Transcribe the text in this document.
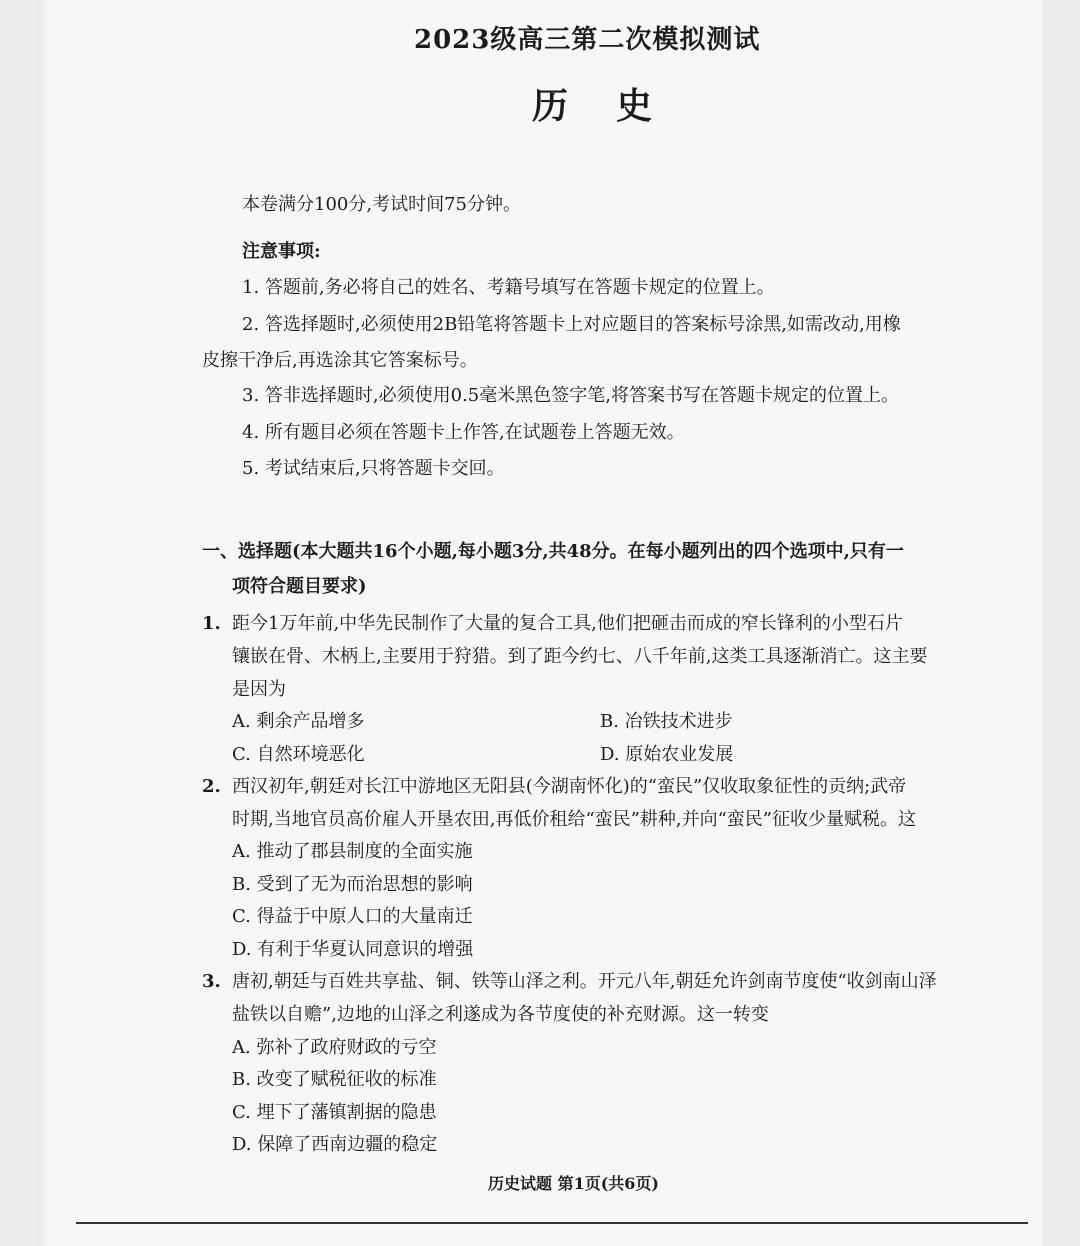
2023级高三第二次模拟测试
历史
本卷满分100分,考试时间75分钟。
注意事项:
1. 答题前,务必将自己的姓名、考籍号填写在答题卡规定的位置上。
2. 答选择题时,必须使用2B铅笔将答题卡上对应题目的答案标号涂黑,如需改动,用橡
皮擦干净后,再选涂其它答案标号。
3. 答非选择题时,必须使用0.5毫米黑色签字笔,将答案书写在答题卡规定的位置上。
4. 所有题目必须在答题卡上作答,在试题卷上答题无效。
5. 考试结束后,只将答题卡交回。
一、选择题(本大题共16个小题,每小题3分,共48分。在每小题列出的四个选项中,只有一
项符合题目要求)
1. 距今1万年前,中华先民制作了大量的复合工具,他们把砸击而成的窄长锋利的小型石片
镶嵌在骨、木柄上,主要用于狩猎。到了距今约七、八千年前,这类工具逐渐消亡。这主要
是因为
A. 剩余产品增多	B. 冶铁技术进步
C. 自然环境恶化	D. 原始农业发展
2. 西汉初年,朝廷对长江中游地区无阳县(今湖南怀化)的“蛮民”仅收取象征性的贡纳;武帝
时期,当地官员高价雇人开垦农田,再低价租给“蛮民”耕种,并向“蛮民”征收少量赋税。这
A. 推动了郡县制度的全面实施
B. 受到了无为而治思想的影响
C. 得益于中原人口的大量南迁
D. 有利于华夏认同意识的增强
3. 唐初,朝廷与百姓共享盐、铜、铁等山泽之利。开元八年,朝廷允许剑南节度使“收剑南山泽
盐铁以自赡”,边地的山泽之利遂成为各节度使的补充财源。这一转变
A. 弥补了政府财政的亏空
B. 改变了赋税征收的标准
C. 埋下了藩镇割据的隐患
D. 保障了西南边疆的稳定
历史试题 第1页(共6页)
